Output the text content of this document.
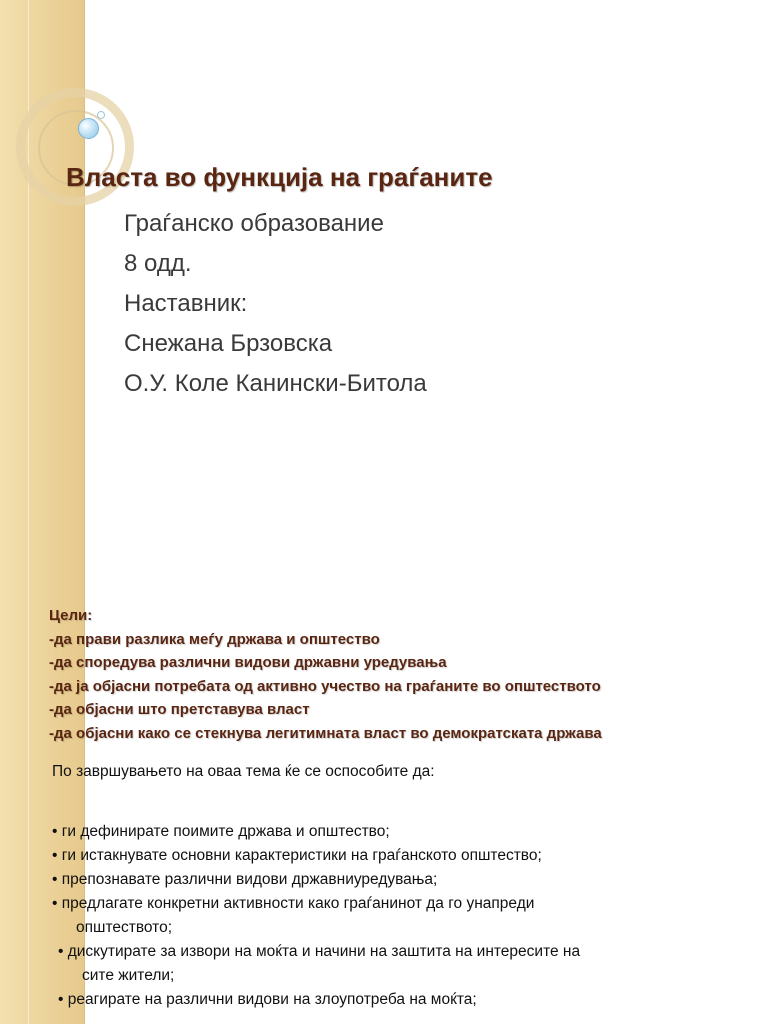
Власта во функција на граѓаните
Граѓанско образование
8 одд.
Наставник:
Снежана Брзовска
О.У. Коле Канински-Битола
Цели:
-да прави разлика меѓу држава и општество
-да споредува различни видови државни уредувања
-да ја објасни потребата од активно учество на граѓаните во општеството
-да објасни што претставува власт
-да објасни како се стекнува легитимната власт во демократската држава
По завршувањето на оваа тема ќе се оспособите да:
• ги дефинирате поимите држава и општество;
• ги истакнувате основни карактеристики на граѓанското општество;
• препознавате различни видови државниуредувања;
• предлагате конкретни активности како граѓанинот да го унапреди
општеството;
• дискутирате за извори на моќта и начини на заштита на интересите на
сите жители;
• реагирате на различни видови на злоупотреба на моќта;
